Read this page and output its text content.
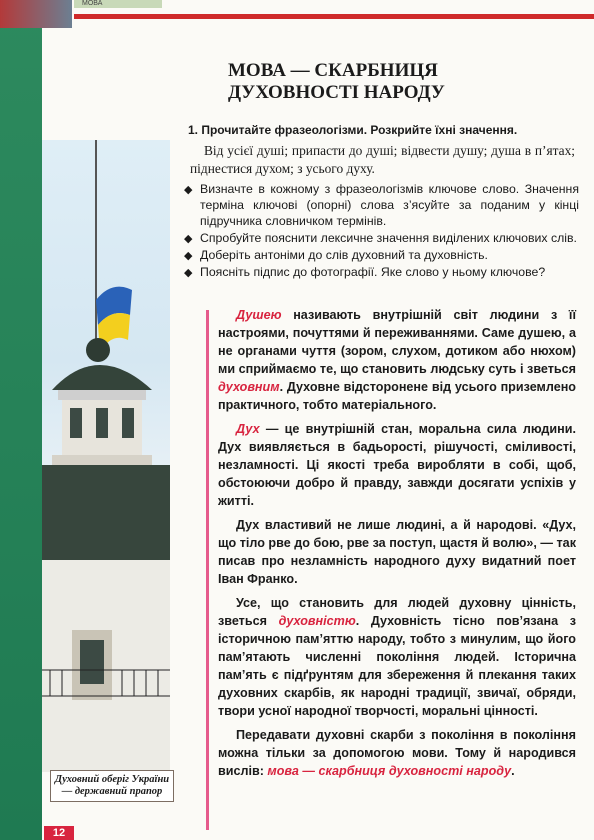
МОВА
МОВА — СКАРБНИЦЯ ДУХОВНОСТІ НАРОДУ
1. Прочитайте фразеологізми. Розкрийте їхні значення.
Від усієї душі; припасти до душі; відвести душу; душа в п’ятах; піднестися духом; з усього духу.
◆ Визначте в кожному з фразеологізмів ключове слово. Значення терміна ключові (опорні) слова з’ясуйте за поданим у кінці підручника словничком термінів.
◆ Спробуйте пояснити лексичне значення виділених ключових слів.
◆ Доберіть антоніми до слів духовний та духовність.
◆ Поясніть підпис до фотографії. Яке слово у ньому ключове?

Душею називають внутрішній світ людини з її настроями, почуттями й переживаннями. Саме душею, а не органами чуття (зором, слухом, дотиком або нюхом) ми сприймаємо те, що становить людську суть і зветься духовним. Духовне відсторонене від усього приземлено практичного, тобто матеріального.

Дух — це внутрішній стан, моральна сила людини. Дух виявляється в бадьорості, рішучості, сміливості, незламності. Ці якості треба виробляти в собі, щоб, обстоюючи добро й правду, завжди досягати успіхів у житті.

Дух властивий не лише людині, а й народові. «Дух, що тіло рве до бою, рве за поступ, щастя й волю», — так писав про незламність народного духу видатний поет Іван Франко.

Усе, що становить для людей духовну цінність, зветься духовністю. Духовність тісно пов’язана з історичною пам’яттю народу, тобто з минулим, що його пам’ятають численні покоління людей. Історична пам’ять є підґрунтям для збереження й плекання таких духовних скарбів, як народні традиції, звичаї, обряди, твори усної народної творчості, моральні цінності.

Передавати духовні скарби з покоління в покоління можна тільки за допомогою мови. Тому й народився вислів: мова — скарбниця духовності народу.

Духовний оберіг України — державний прапор
12
